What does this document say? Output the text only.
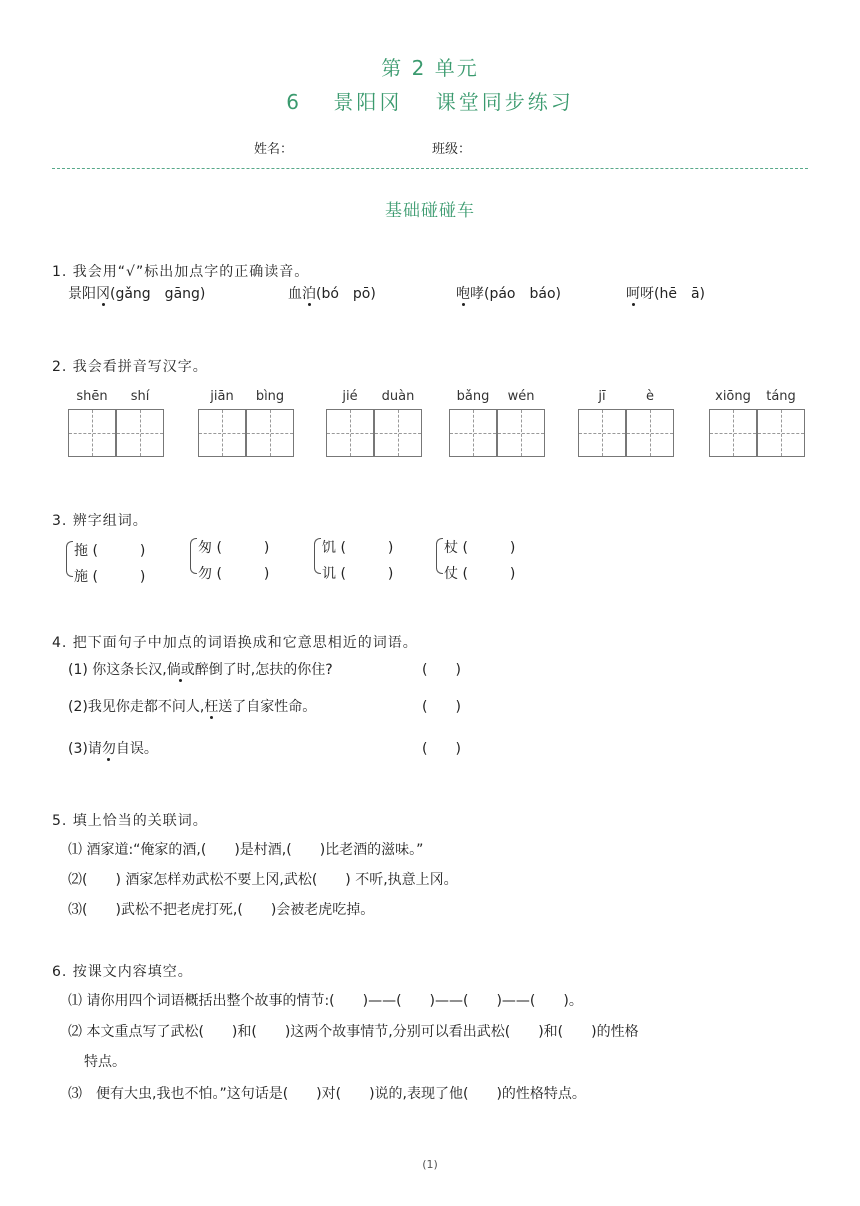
第 2 单元
6 景阳冈 课堂同步练习
姓名：	班级：
基础碰碰车
1. 我会用“√”标出加点字的正确读音。
景阳冈(gǎng　gāng)	血泊(bó　pō)	咆哮(páo　báo)	呵呀(hē　ā)
2. 我会看拼音写汉字。
shēn	shí	jiān	bìng	jié	duàn	bǎng	wén	jī	è	xiōng	táng
3. 辨字组词。
拖 (　　　)
施 (　　　)
匆 (　　　)
勿 (　　　)
饥 (　　　)
讥 (　　　)
杖 (　　　)
仗 (　　　)
4. 把下面句子中加点的词语换成和它意思相近的词语。
(1) 你这条长汉,倘或醉倒了时,怎扶的你住?	(　　)
(2)我见你走都不问人,枉送了自家性命。	(　　)
(3)请勿自误。	(　　)
5. 填上恰当的关联词。
⑴ 酒家道:“俺家的酒,(　　)是村酒,(　　)比老酒的滋味。”
⑵(　　) 酒家怎样劝武松不要上冈,武松(　　) 不听,执意上冈。
⑶(　　)武松不把老虎打死,(　　)会被老虎吃掉。
6. 按课文内容填空。
⑴ 请你用四个词语概括出整个故事的情节:(　　)——(　　)——(　　)——(　　)。
⑵ 本文重点写了武松(　　)和(　　)这两个故事情节,分别可以看出武松(　　)和(　　)的性格
特点。
⑶　便有大虫,我也不怕。”这句话是(　　)对(　　)说的,表现了他(　　)的性格特点。
(1)
